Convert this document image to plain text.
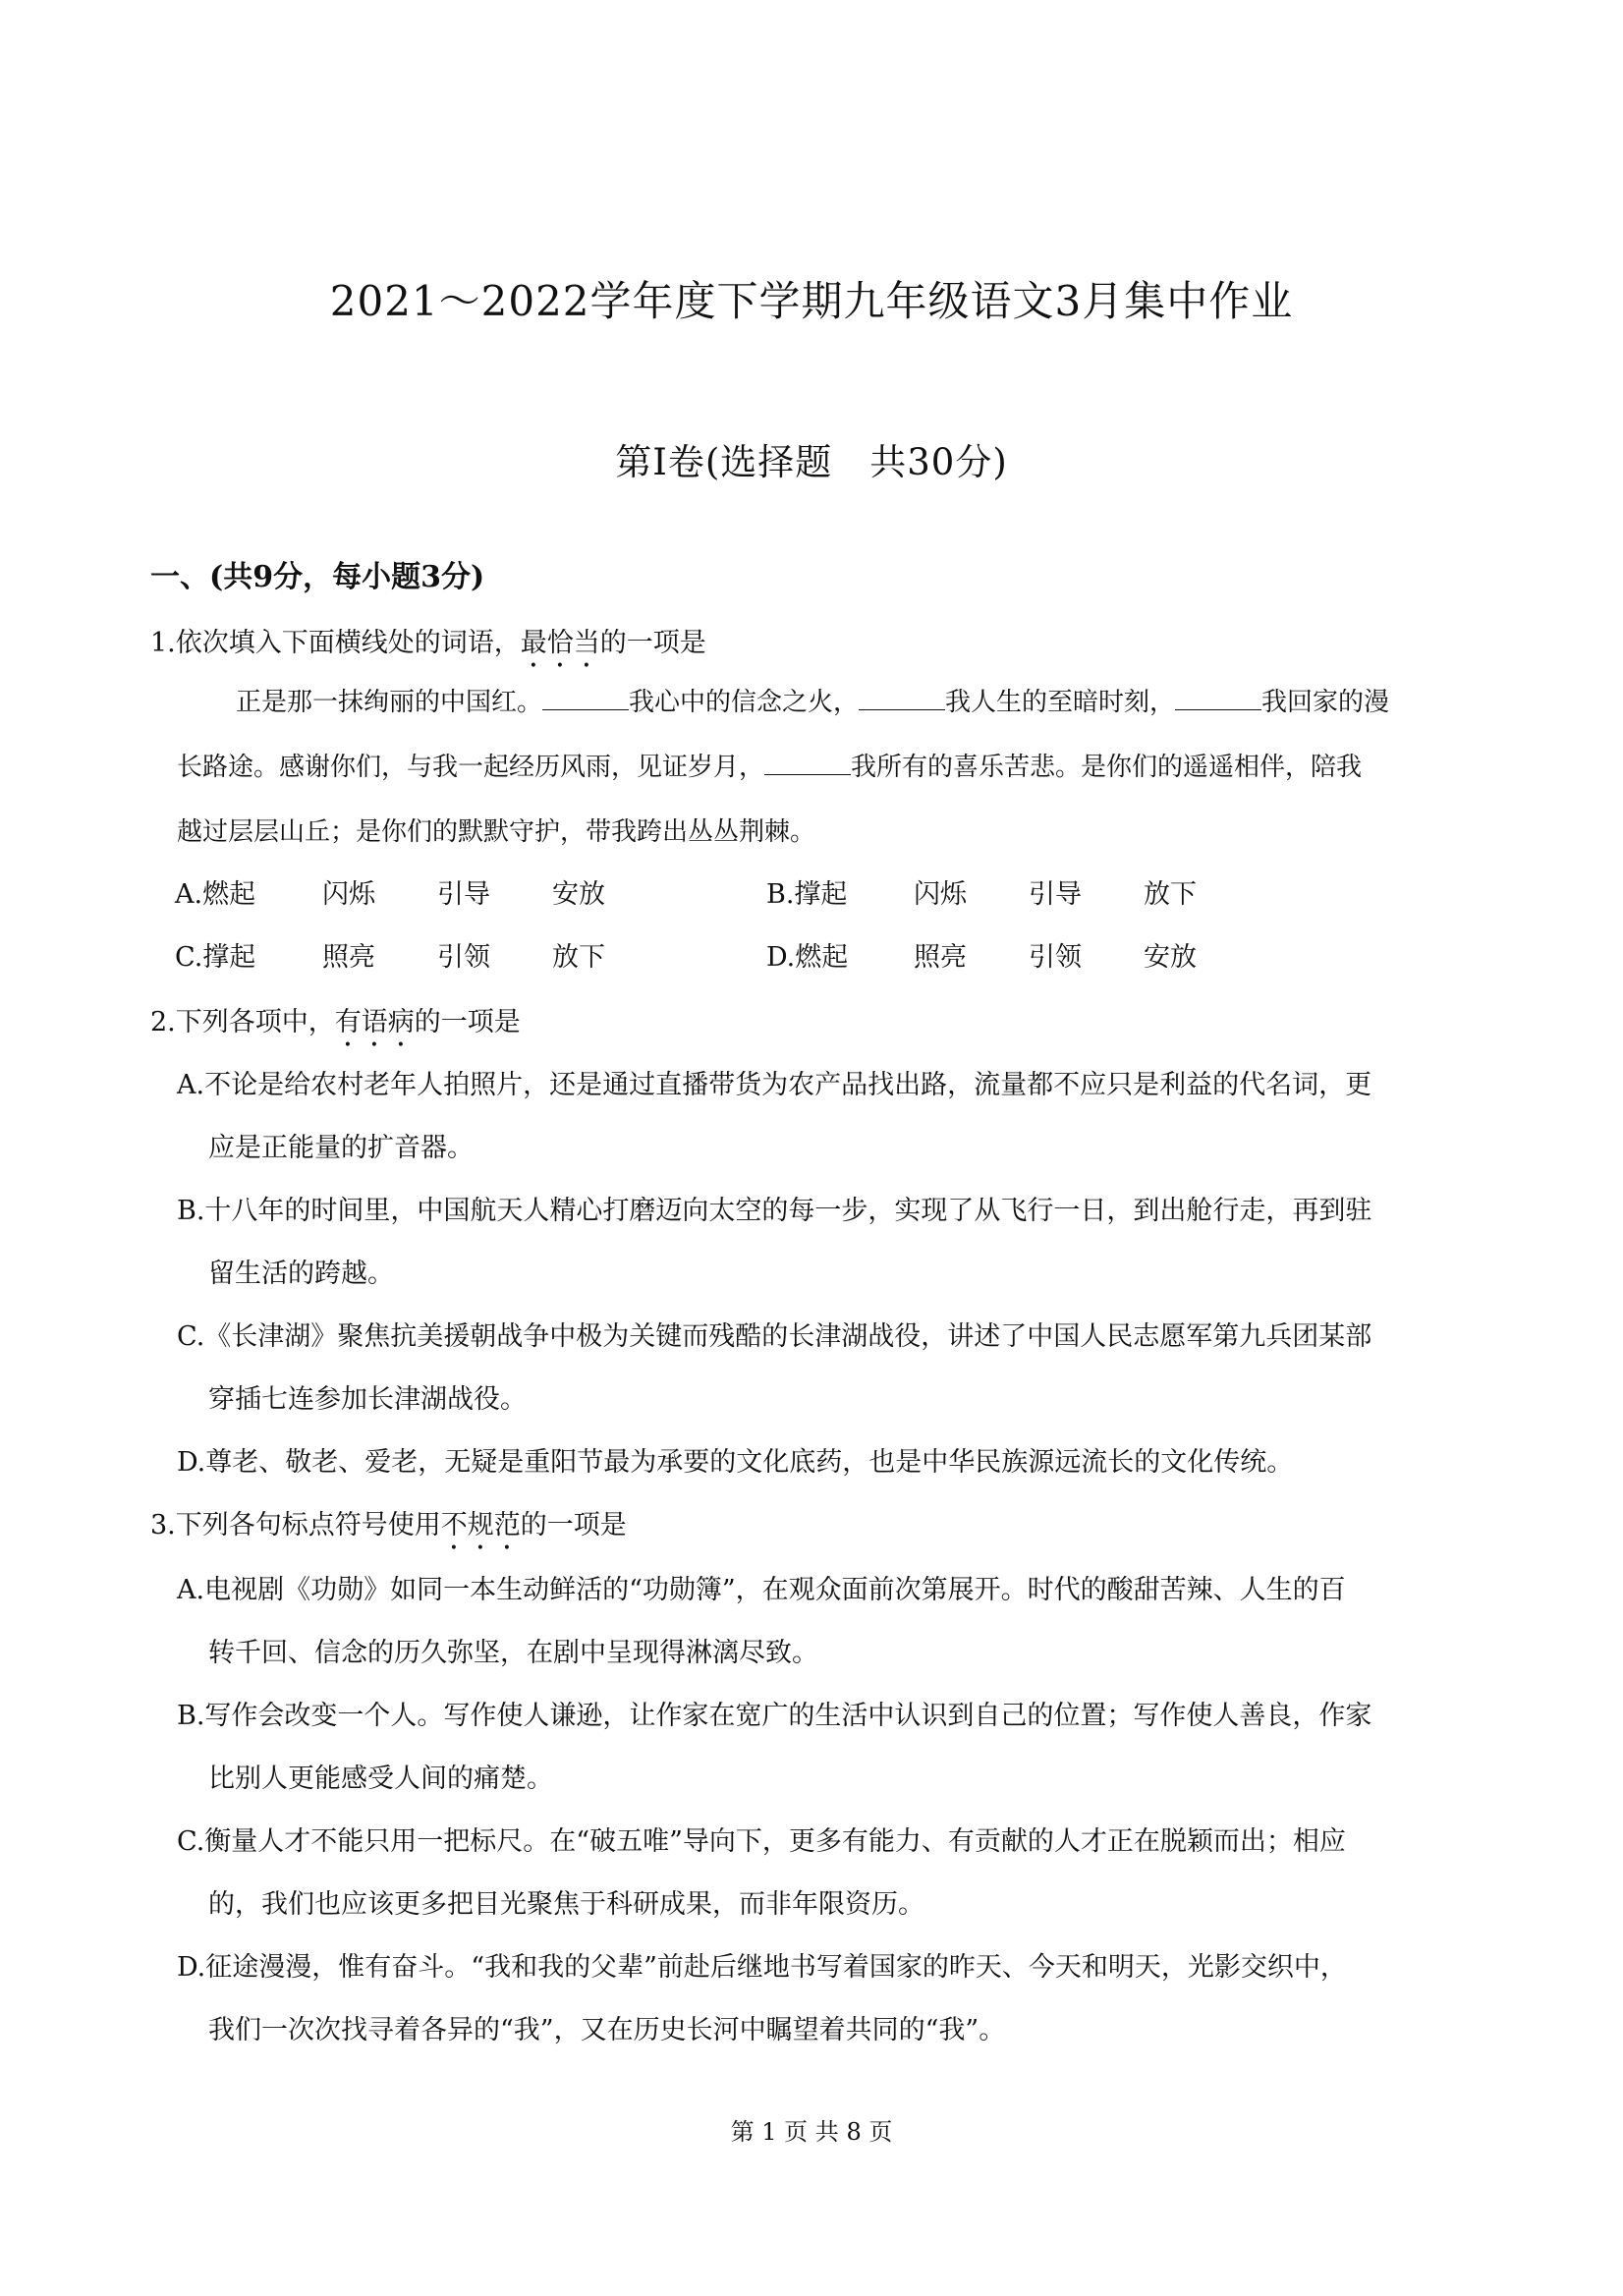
2021～2022学年度下学期九年级语文3月集中作业
第Ⅰ卷(选择题　共30分)
一、(共9分，每小题3分)
1.依次填入下面横线处的词语，最恰当的一项是
正是那一抹绚丽的中国红。	我心中的信念之火，	我人生的至暗时刻，	我回家的漫
长路途。感谢你们，与我一起经历风雨，见证岁月，	我所有的喜乐苦悲。是你们的遥遥相伴，陪我
越过层层山丘；是你们的默默守护，带我跨出丛丛荆棘。
A.燃起	闪烁 引导 安放	B.撑起	闪烁 引导 放下
C.撑起	照亮 引领 放下	D.燃起 照亮 引领 安放
2.下列各项中，有语病的一项是
A.不论是给农村老年人拍照片，还是通过直播带货为农产品找出路，流量都不应只是利益的代名词，更
应是正能量的扩音器。
B.十八年的时间里，中国航天人精心打磨迈向太空的每一步，实现了从飞行一日，到出舱行走，再到驻
留生活的跨越。
C.《长津湖》聚焦抗美援朝战争中极为关键而残酷的长津湖战役，讲述了中国人民志愿军第九兵团某部
穿插七连参加长津湖战役。
D.尊老、敬老、爱老，无疑是重阳节最为承要的文化底药，也是中华民族源远流长的文化传统。
3.下列各句标点符号使用不规范的一项是
A.电视剧《功勋》如同一本生动鲜活的“功勋簿”，在观众面前次第展开。时代的酸甜苦辣、人生的百
转千回、信念的历久弥坚，在剧中呈现得淋漓尽致。
B.写作会改变一个人。写作使人谦逊，让作家在宽广的生活中认识到自己的位置；写作使人善良，作家
比别人更能感受人间的痛楚。
C.衡量人才不能只用一把标尺。在“破五唯”导向下，更多有能力、有贡献的人才正在脱颖而出；相应
的，我们也应该更多把目光聚焦于科研成果，而非年限资历。
D.征途漫漫，惟有奋斗。“我和我的父辈”前赴后继地书写着国家的昨天、今天和明天，光影交织中，
我们一次次找寻着各异的“我”，又在历史长河中瞩望着共同的“我”。
第 1 页 共 8 页
